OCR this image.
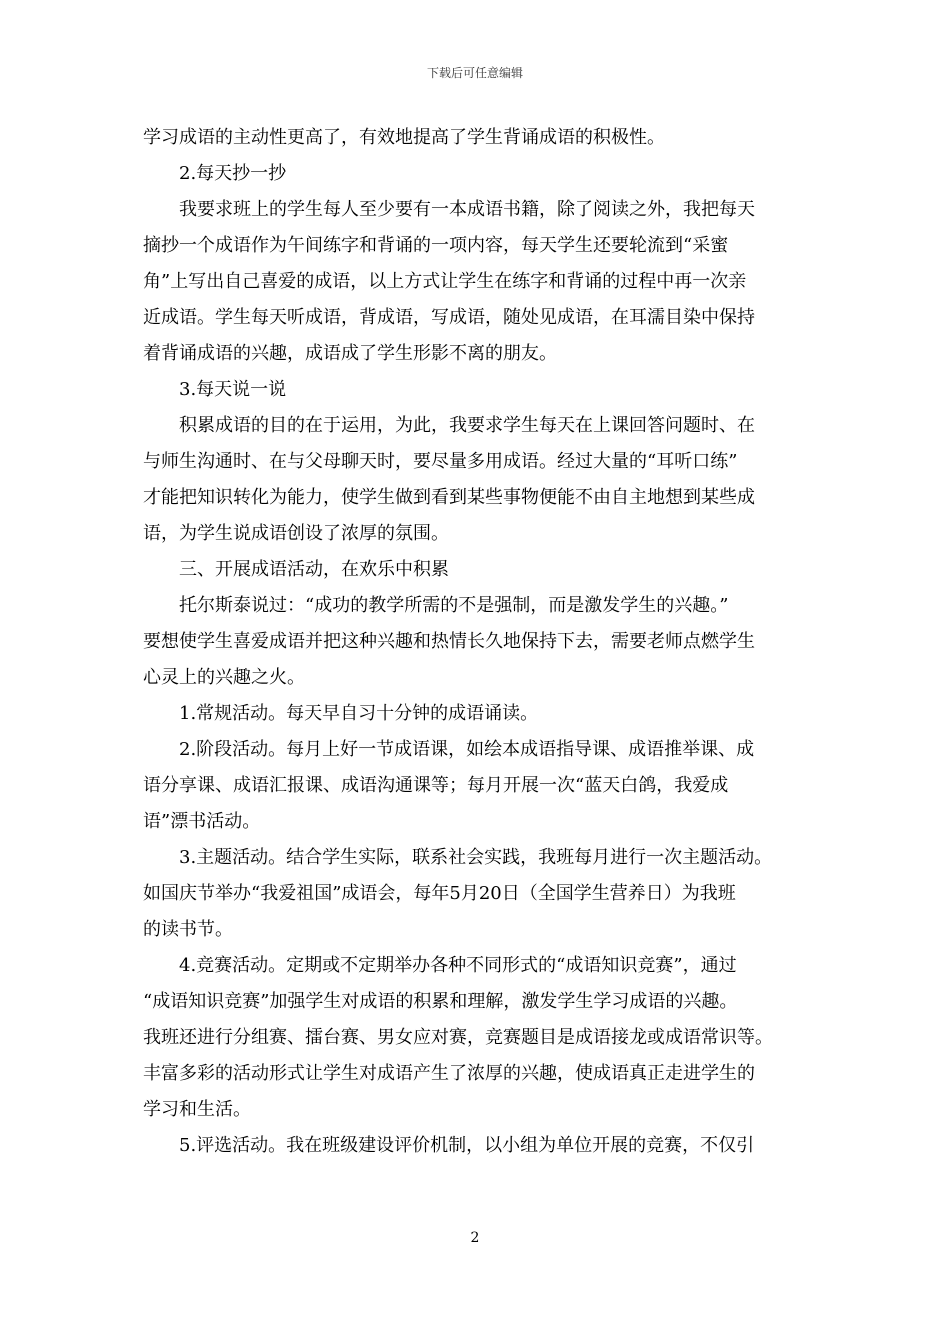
下载后可任意编辑
学习成语的主动性更高了，有效地提高了学生背诵成语的积极性。
2.每天抄一抄
我要求班上的学生每人至少要有一本成语书籍，除了阅读之外，我把每天
摘抄一个成语作为午间练字和背诵的一项内容，每天学生还要轮流到“采蜜
角”上写出自己喜爱的成语，以上方式让学生在练字和背诵的过程中再一次亲
近成语。学生每天听成语，背成语，写成语，随处见成语，在耳濡目染中保持
着背诵成语的兴趣，成语成了学生形影不离的朋友。
3.每天说一说
积累成语的目的在于运用，为此，我要求学生每天在上课回答问题时、在
与师生沟通时、在与父母聊天时，要尽量多用成语。经过大量的“耳听口练”
才能把知识转化为能力，使学生做到看到某些事物便能不由自主地想到某些成
语，为学生说成语创设了浓厚的氛围。
三、开展成语活动，在欢乐中积累
托尔斯泰说过：“成功的教学所需的不是强制，而是激发学生的兴趣。”
要想使学生喜爱成语并把这种兴趣和热情长久地保持下去，需要老师点燃学生
心灵上的兴趣之火。
1.常规活动。每天早自习十分钟的成语诵读。
2.阶段活动。每月上好一节成语课，如绘本成语指导课、成语推举课、成
语分享课、成语汇报课、成语沟通课等；每月开展一次“蓝天白鸽，我爱成
语”漂书活动。
3.主题活动。结合学生实际，联系社会实践，我班每月进行一次主题活动。
如国庆节举办“我爱祖国”成语会，每年5月20日（全国学生营养日）为我班
的读书节。
4.竞赛活动。定期或不定期举办各种不同形式的“成语知识竞赛”，通过
“成语知识竞赛”加强学生对成语的积累和理解，激发学生学习成语的兴趣。
我班还进行分组赛、擂台赛、男女应对赛，竞赛题目是成语接龙或成语常识等。
丰富多彩的活动形式让学生对成语产生了浓厚的兴趣，使成语真正走进学生的
学习和生活。
5.评选活动。我在班级建设评价机制，以小组为单位开展的竞赛，不仅引
2
